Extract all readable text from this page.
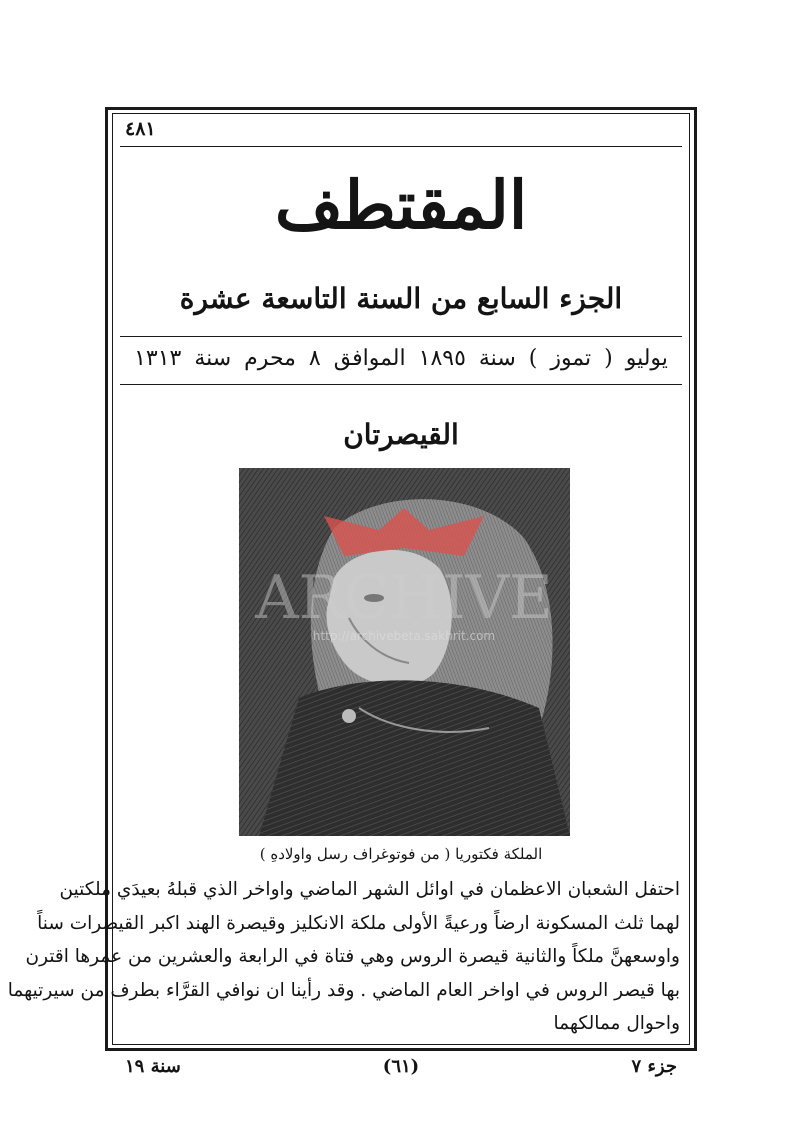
٤٨١
المقتطف
الجزء السابع من السنة التاسعة عشرة
يوليو ( تموز ) سنة ١٨٩٥ الموافق ٨ محرم سنة ١٣١٣
القيصرتان
ARCHIVE
http://archivebeta.sakhrit.com
الملكة فكتوريا ( من فوتوغراف رسل واولادهِ )
احتفل الشعبان الاعظمان في اوائل الشهر الماضي واواخر الذي قبلهُ بعيدَي ملكتين
لهما ثلث المسكونة ارضاً ورعيةً الأولى ملكة الانكليز وقيصرة الهند اكبر القيصرات سناً
واوسعهنَّ ملكاً والثانية قيصرة الروس وهي فتاة في الرابعة والعشرين من عمرها اقترن
بها قيصر الروس في اواخر العام الماضي . وقد رأينا ان نوافي القرَّاء بطرف من سيرتيهما
واحوال ممالكهما
جزء ٧
(٦١)
سنة ١٩
